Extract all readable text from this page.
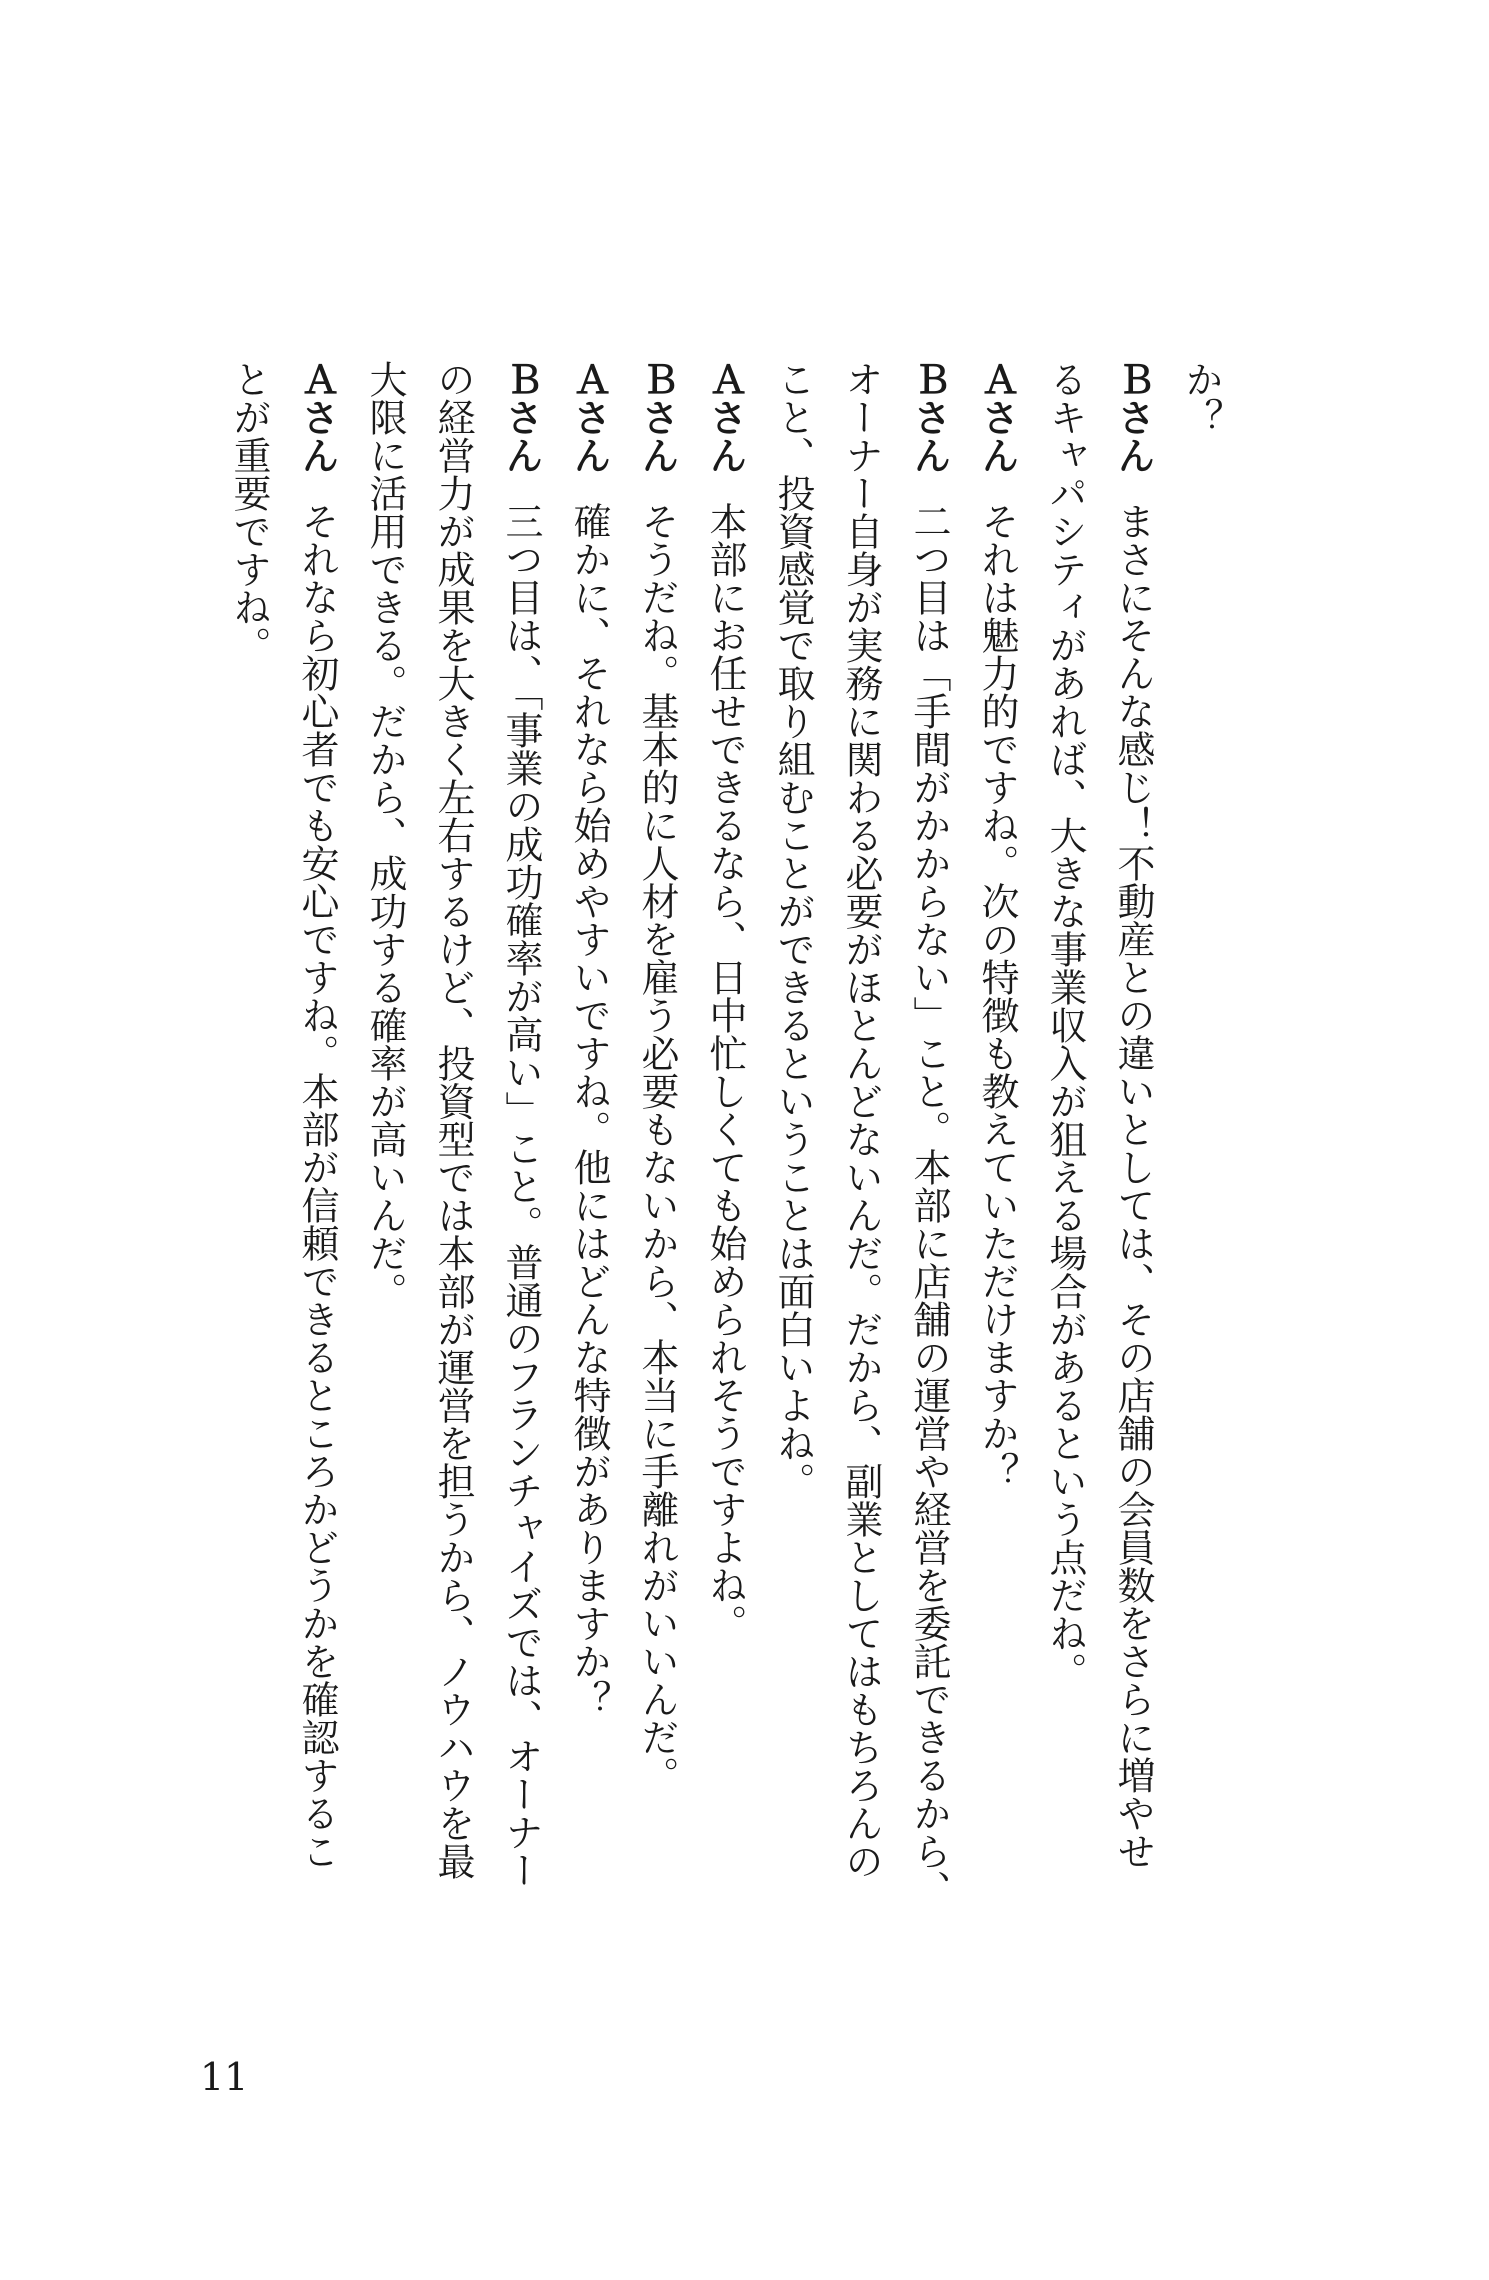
か？
Ｂさんまさにそんな感じ！不動産との違いとしては、その店舗の会員数をさらに増やせ
るキャパシティがあれば、大きな事業収入が狙える場合があるという点だね。
Ａさんそれは魅力的ですね。次の特徴も教えていただけますか？
Ｂさん二つ目は「手間がかからない」こと。本部に店舗の運営や経営を委託できるから、
オーナー自身が実務に関わる必要がほとんどないんだ。だから、副業としてはもちろんの
こと、投資感覚で取り組むことができるということは面白いよね。
Ａさん本部にお任せできるなら、日中忙しくても始められそうですよね。
Ｂさんそうだね。基本的に人材を雇う必要もないから、本当に手離れがいいんだ。
Ａさん確かに、それなら始めやすいですね。他にはどんな特徴がありますか？
Ｂさん三つ目は、「事業の成功確率が高い」こと。普通のフランチャイズでは、オーナー
の経営力が成果を大きく左右するけど、投資型では本部が運営を担うから、ノウハウを最
大限に活用できる。だから、成功する確率が高いんだ。
Ａさんそれなら初心者でも安心ですね。本部が信頼できるところかどうかを確認するこ
とが重要ですね。
11
